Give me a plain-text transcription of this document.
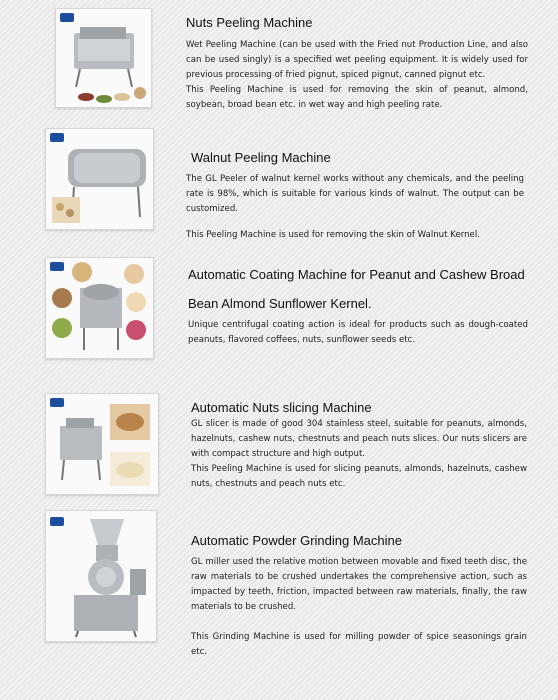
Nuts Peeling Machine

Wet Peeling Machine (can be used with the Fried nut Production Line, and also can be used singly) is a specified wet peeling equipment. It is widely used for previous processing of fried pignut, spiced pignut, canned pignut etc.

This Peeling Machine is used for removing the skin of peanut, almond, soybean, broad bean etc. in wet way and high peeling rate.

Walnut Peeling Machine

The GL Peeler of walnut kernel works without any chemicals, and the peeling rate is 98%, which is suitable for various kinds of walnut. The output can be customized.

This Peeling Machine is used for removing the skin of Walnut Kernel.

Automatic Coating Machine for Peanut and Cashew Broad
Bean Almond Sunflower Kernel.

Unique centrifugal coating action is ideal for products such as dough-coated peanuts, flavored coffees, nuts, sunflower seeds etc.

Automatic Nuts slicing Machine

GL slicer is made of good 304 stainless steel, suitable for peanuts, almonds, hazelnuts, cashew nuts, chestnuts and peach nuts slices. Our nuts slicers are with compact structure and high output.

This Peeling Machine is used for slicing peanuts, almonds, hazelnuts, cashew nuts, chestnuts and peach nuts etc.

Automatic Powder Grinding Machine

GL miller used the relative motion between movable and fixed teeth disc, the raw materials to be crushed undertakes the comprehensive action, such as impacted by teeth, friction, impacted between raw materials, finally, the raw materials to be crushed.

This Grinding Machine is used for milling powder of spice seasonings grain etc.
